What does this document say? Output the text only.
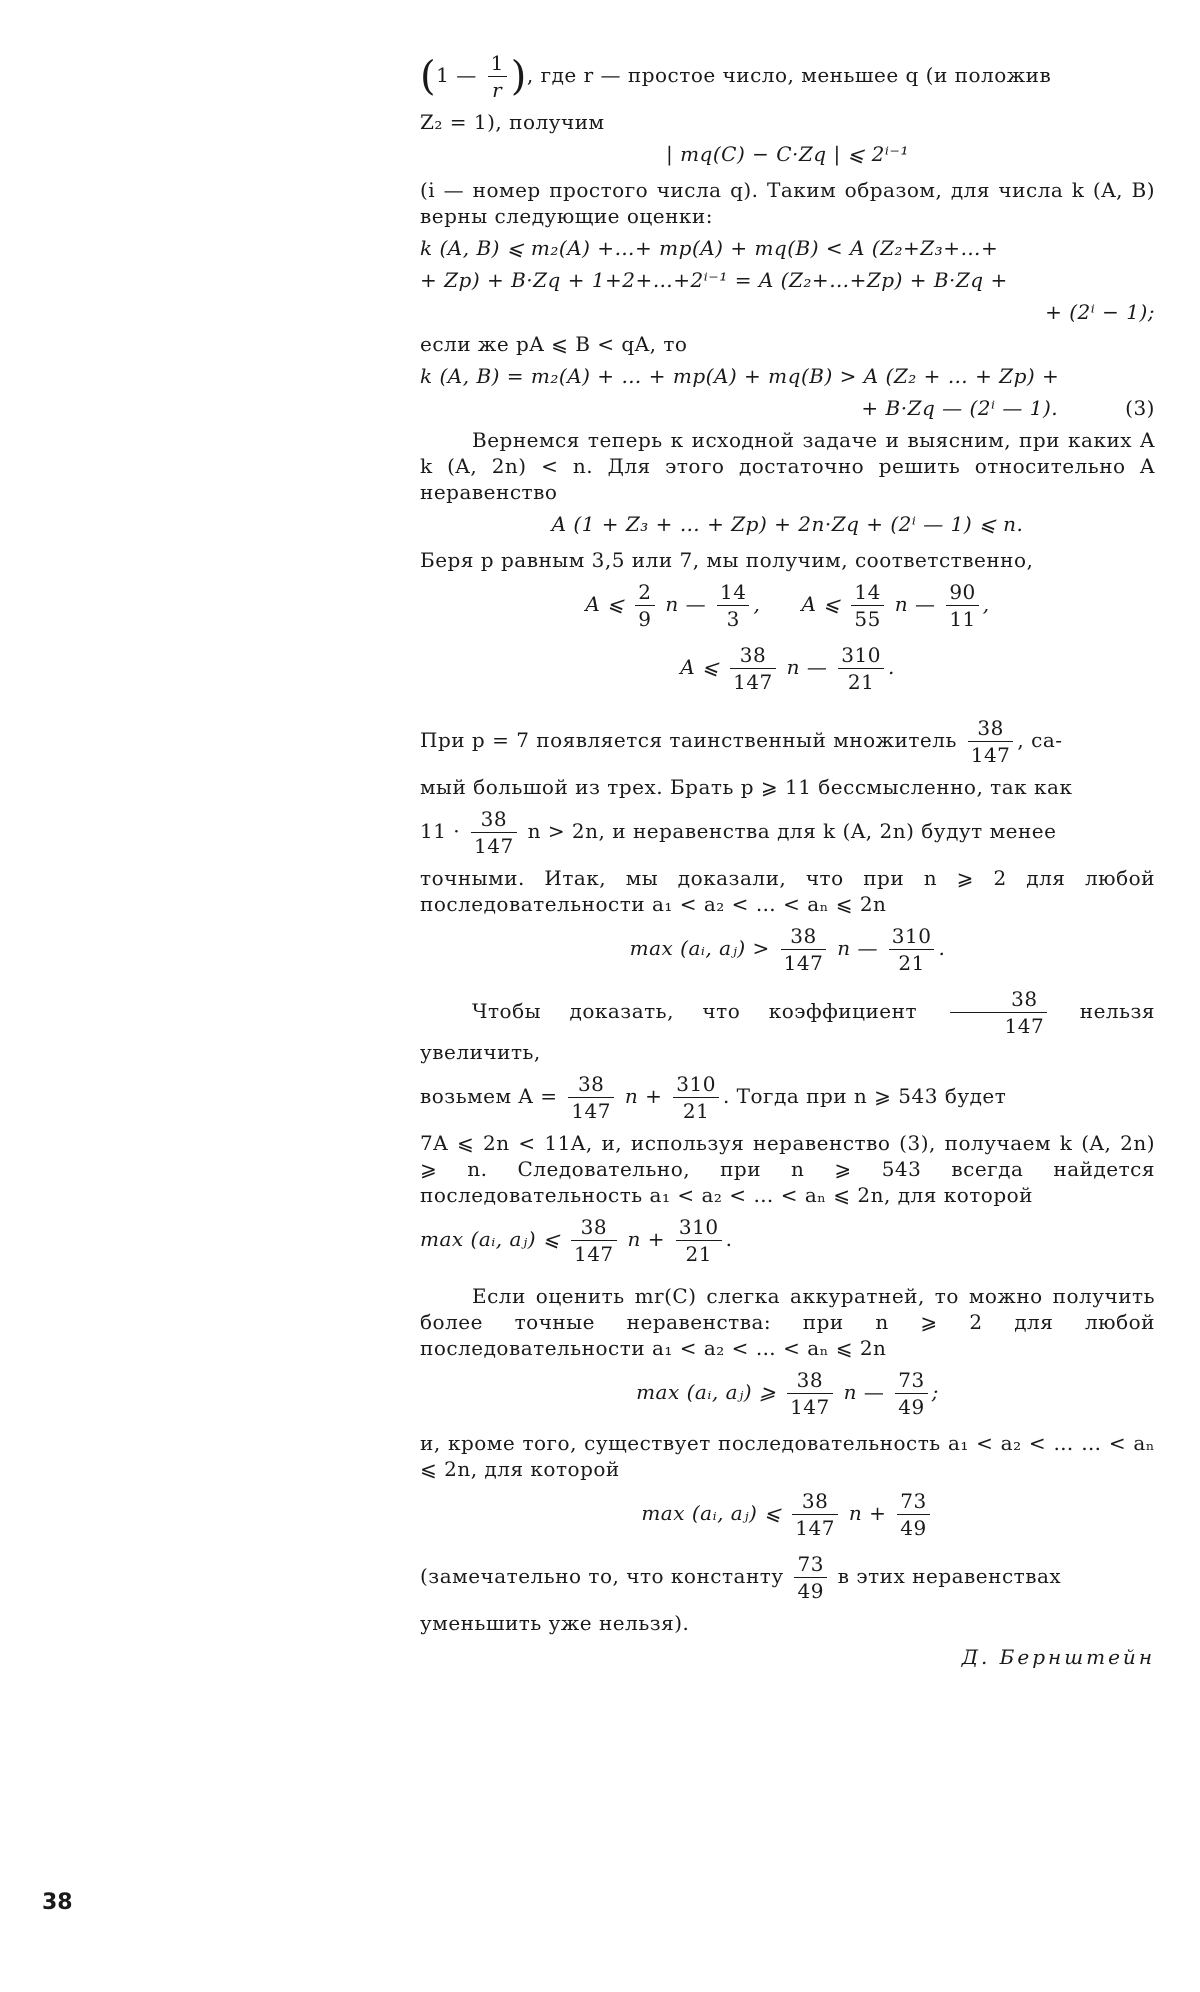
(1 — $\frac{1}{r}$ ), где r — простое число, меньшее q (и положив

Z₂ = 1), получим

| mq(C) − C·Zq | ⩽ 2ⁱ⁻¹

(i — номер простого числа q). Таким образом, для числа k (A, B) верны следующие оценки:

k (A, B) ⩽ m₂(A) +…+ mp(A) + mq(B) < A (Z₂+Z₃+…+

+ Zp) + B·Zq + 1+2+…+2ⁱ⁻¹ = A (Z₂+…+Zp) + B·Zq +

+ (2ⁱ − 1);

если же pA ⩽ B < qA, то

k (A, B) = m₂(A) + … + mp(A) + mq(B) > A (Z₂ + … + Zp) +

+ B·Zq — (2ⁱ — 1).	(3)

Вернемся теперь к исходной задаче и выясним, при каких A k (A, 2n) < n. Для этого достаточно решить относительно A неравенство

A (1 + Z₃ + … + Zp) + 2n·Zq + (2ⁱ — 1) ⩽ n.

Беря p равным 3,5 или 7, мы получим, соответственно,

A ⩽ $\frac{2}{9}$ n — $\frac{14}{3}$ , A ⩽ $\frac{14}{55}$ n — $\frac{90}{11}$ ,

A ⩽ $\frac{38}{147}$ n — $\frac{310}{21}$ .

При p = 7 появляется таинственный множитель $\frac{38}{147}$ , са-

мый большой из трех. Брать p ⩾ 11 бессмысленно, так как

$11 \cdot \frac{38}{147}$ n > 2n, и неравенства для k (A, 2n) будут менее

точными. Итак, мы доказали, что при n ⩾ 2 для любой последовательности a₁ < a₂ < … < aₙ ⩽ 2n

max (aᵢ, aⱼ) > $\frac{38}{147}$ n — $\frac{310}{21}$ .

Чтобы доказать, что коэффициент $\frac{38}{147}$ нельзя увеличить,

возьмем $A = \frac{38}{147}$ $n + \frac{310}{21}$ . Тогда при n ⩾ 543 будет

7A ⩽ 2n < 11A, и, используя неравенство (3), получаем k (A, 2n) ⩾ n. Следовательно, при n ⩾ 543 всегда найдется последовательность a₁ < a₂ < … < aₙ ⩽ 2n, для которой

max (aᵢ, aⱼ) ⩽ $\frac{38}{147}$ $n + \frac{310}{21}$ .

Если оценить mr(C) слегка аккуратней, то можно получить более точные неравенства: при n ⩾ 2 для любой последовательности a₁ < a₂ < … < aₙ ⩽ 2n

max (aᵢ, aⱼ) ⩾ $\frac{38}{147}$ n — $\frac{73}{49}$ ;

и, кроме того, существует последовательность a₁ < a₂ < … … < aₙ ⩽ 2n, для которой

max (aᵢ, aⱼ) ⩽ $\frac{38}{147}$ $n + \frac{73}{49}$

(замечательно то, что константу $\frac{73}{49}$ в этих неравенствах

уменьшить уже нельзя).

Д. Бернштейн

38
